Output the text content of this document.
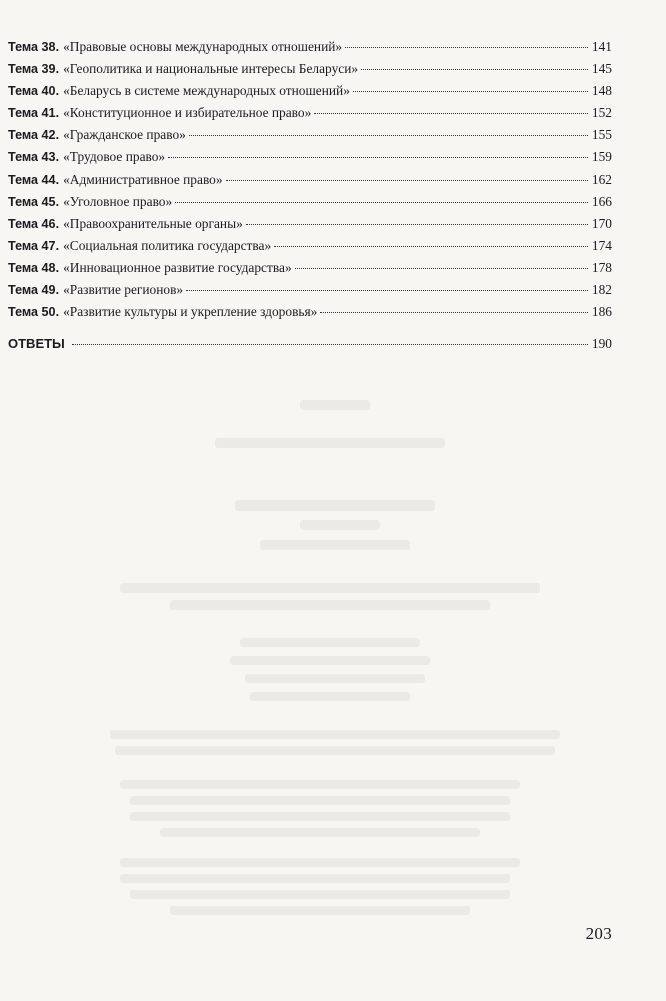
Тема 38. «Правовые основы международных отношений»	141
Тема 39. «Геополитика и национальные интересы Беларуси»	145
Тема 40. «Беларусь в системе международных отношений»	148
Тема 41. «Конституционное и избирательное право»	152
Тема 42. «Гражданское право»	155
Тема 43. «Трудовое право»	159
Тема 44. «Административное право»	162
Тема 45. «Уголовное право»	166
Тема 46. «Правоохранительные органы»	170
Тема 47. «Социальная политика государства»	174
Тема 48. «Инновационное развитие государства»	178
Тема 49. «Развитие регионов»	182
Тема 50. «Развитие культуры и укрепление здоровья»	186
ОТВЕТЫ	190
203
